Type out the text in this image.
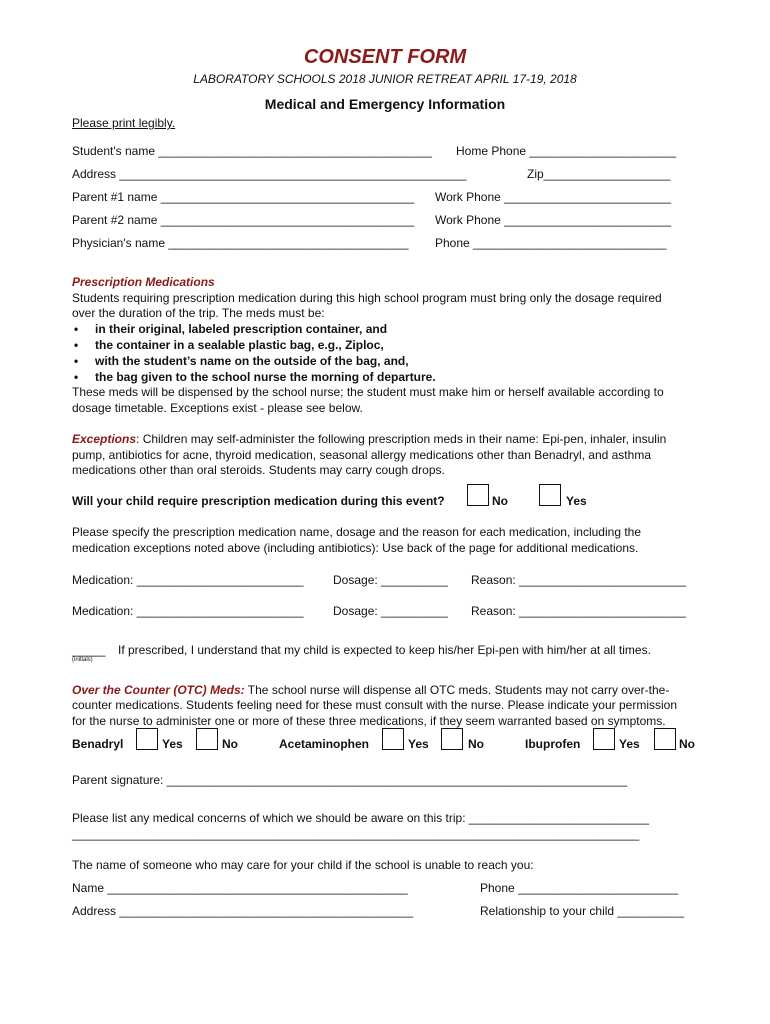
CONSENT FORM
LABORATORY SCHOOLS 2018 JUNIOR RETREAT APRIL 17-19, 2018
Medical and Emergency Information
Please print legibly.
Student's name _________________________________________ Home Phone ______________________
Address ____________________________________________________	Zip___________________
Parent #1 name ______________________________________ Work Phone _________________________
Parent #2 name ______________________________________ Work Phone _________________________
Physician's name ____________________________________ Phone _____________________________
Prescription Medications
Students requiring prescription medication during this high school program must bring only the dosage required
over the duration of the trip. The meds must be:
• in their original, labeled prescription container, and
• the container in a sealable plastic bag, e.g., Ziploc,
• with the student’s name on the outside of the bag, and,
• the bag given to the school nurse the morning of departure.
These meds will be dispensed by the school nurse; the student must make him or herself available according to
dosage timetable. Exceptions exist - please see below.
Exceptions: Children may self-administer the following prescription meds in their name: Epi-pen, inhaler, insulin
pump, antibiotics for acne, thyroid medication, seasonal allergy medications other than Benadryl, and asthma
medications other than oral steroids. Students may carry cough drops.
Will your child require prescription medication during this event?	No	Yes
Please specify the prescription medication name, dosage and the reason for each medication, including the
medication exceptions noted above (including antibiotics): Use back of the page for additional medications.
Medication: _________________________ Dosage: __________ Reason: _________________________
Medication: _________________________ Dosage: __________ Reason: _________________________
_____ If prescribed, I understand that my child is expected to keep his/her Epi-pen with him/her at all times.
(initials)
Over the Counter (OTC) Meds: The school nurse will dispense all OTC meds. Students may not carry over-the-
counter medications. Students feeling need for these must consult with the nurse. Please indicate your permission
for the nurse to administer one or more of these three medications, if they seem warranted based on symptoms.
Benadryl	Yes	No	Acetaminophen	Yes	No	Ibuprofen	Yes	No
Parent signature: _____________________________________________________________________
Please list any medical concerns of which we should be aware on this trip: ___________________________
_____________________________________________________________________________________
The name of someone who may care for your child if the school is unable to reach you:
Name _____________________________________________	Phone ________________________
Address ____________________________________________	Relationship to your child __________
